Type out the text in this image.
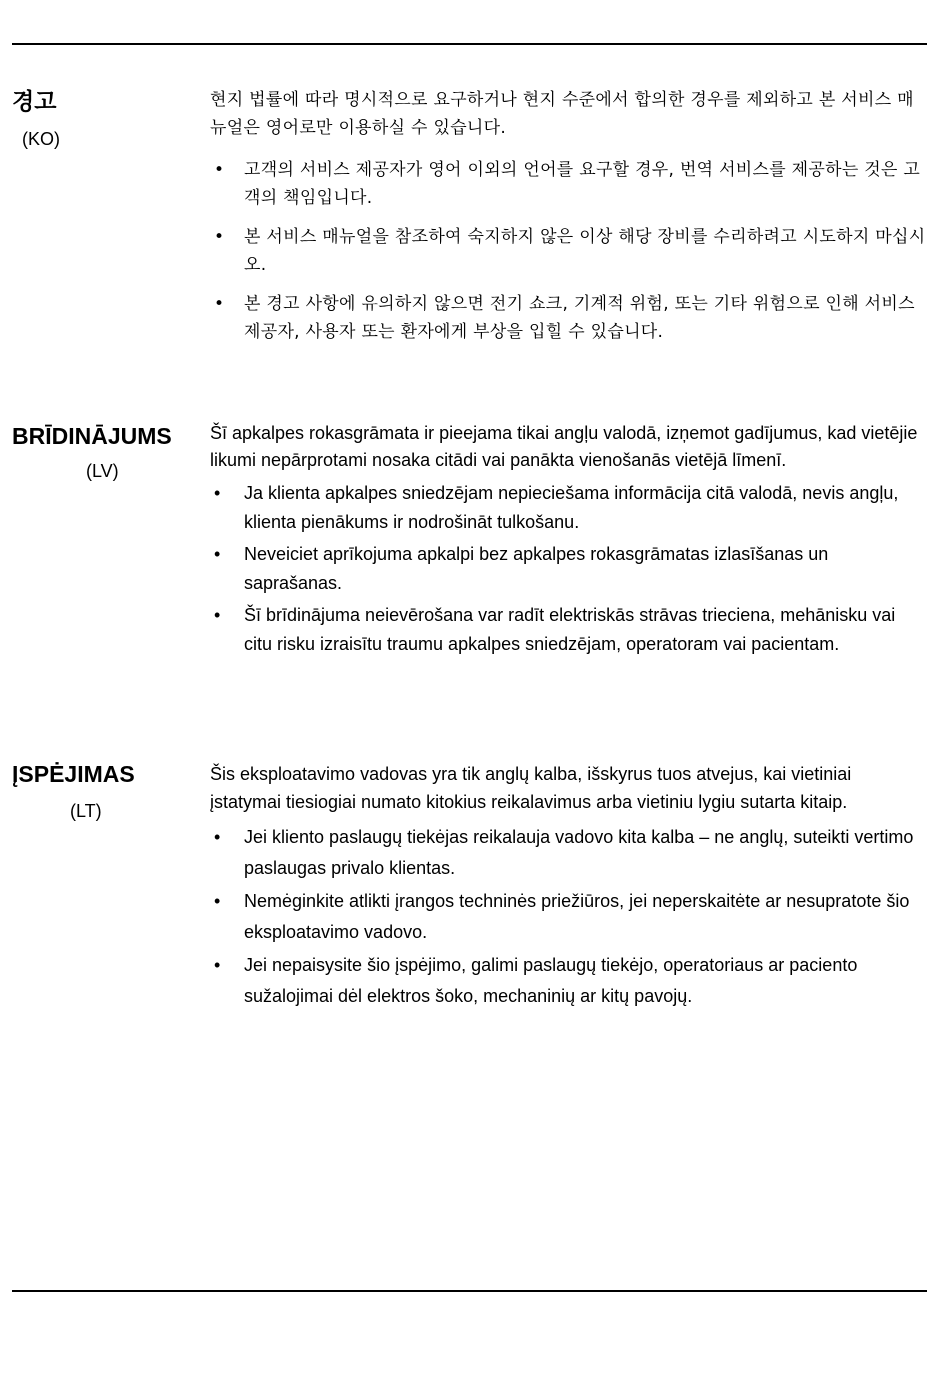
경고
(KO)

현지 법률에 따라 명시적으로 요구하거나 현지 수준에서 합의한 경우를 제외하고 본 서비스 매뉴얼은 영어로만 이용하실 수 있습니다.

• 고객의 서비스 제공자가 영어 이외의 언어를 요구할 경우, 번역 서비스를 제공하는 것은 고객의 책임입니다.
• 본 서비스 매뉴얼을 참조하여 숙지하지 않은 이상 해당 장비를 수리하려고 시도하지 마십시오.
• 본 경고 사항에 유의하지 않으면 전기 쇼크, 기계적 위험, 또는 기타 위험으로 인해 서비스 제공자, 사용자 또는 환자에게 부상을 입힐 수 있습니다.
BRĪDINĀJUMS
(LV)

Šī apkalpes rokasgrāmata ir pieejama tikai angļu valodā, izņemot gadījumus, kad vietējie likumi nepārprotami nosaka citādi vai panākta vienošanās vietējā līmenī.

• Ja klienta apkalpes sniedzējam nepieciešama informācija citā valodā, nevis angļu, klienta pienākums ir nodrošināt tulkošanu.
• Neveiciet aprīkojuma apkalpi bez apkalpes rokasgrāmatas izlasīšanas un saprašanas.
• Šī brīdinājuma neievērošana var radīt elektriskās strāvas trieciena, mehānisku vai citu risku izraisītu traumu apkalpes sniedzējam, operatoram vai pacientam.
ĮSPĖJIMAS
(LT)

Šis eksploatavimo vadovas yra tik anglų kalba, išskyrus tuos atvejus, kai vietiniai įstatymai tiesiogiai numato kitokius reikalavimus arba vietiniu lygiu sutarta kitaip.

• Jei kliento paslaugų tiekėjas reikalauja vadovo kita kalba – ne anglų, suteikti vertimo paslaugas privalo klientas.
• Nemėginkite atlikti įrangos techninės priežiūros, jei neperskaitėte ar nesupratote šio eksploatavimo vadovo.
• Jei nepaisysite šio įspėjimo, galimi paslaugų tiekėjo, operatoriaus ar paciento sužalojimai dėl elektros šoko, mechaninių ar kitų pavojų.
